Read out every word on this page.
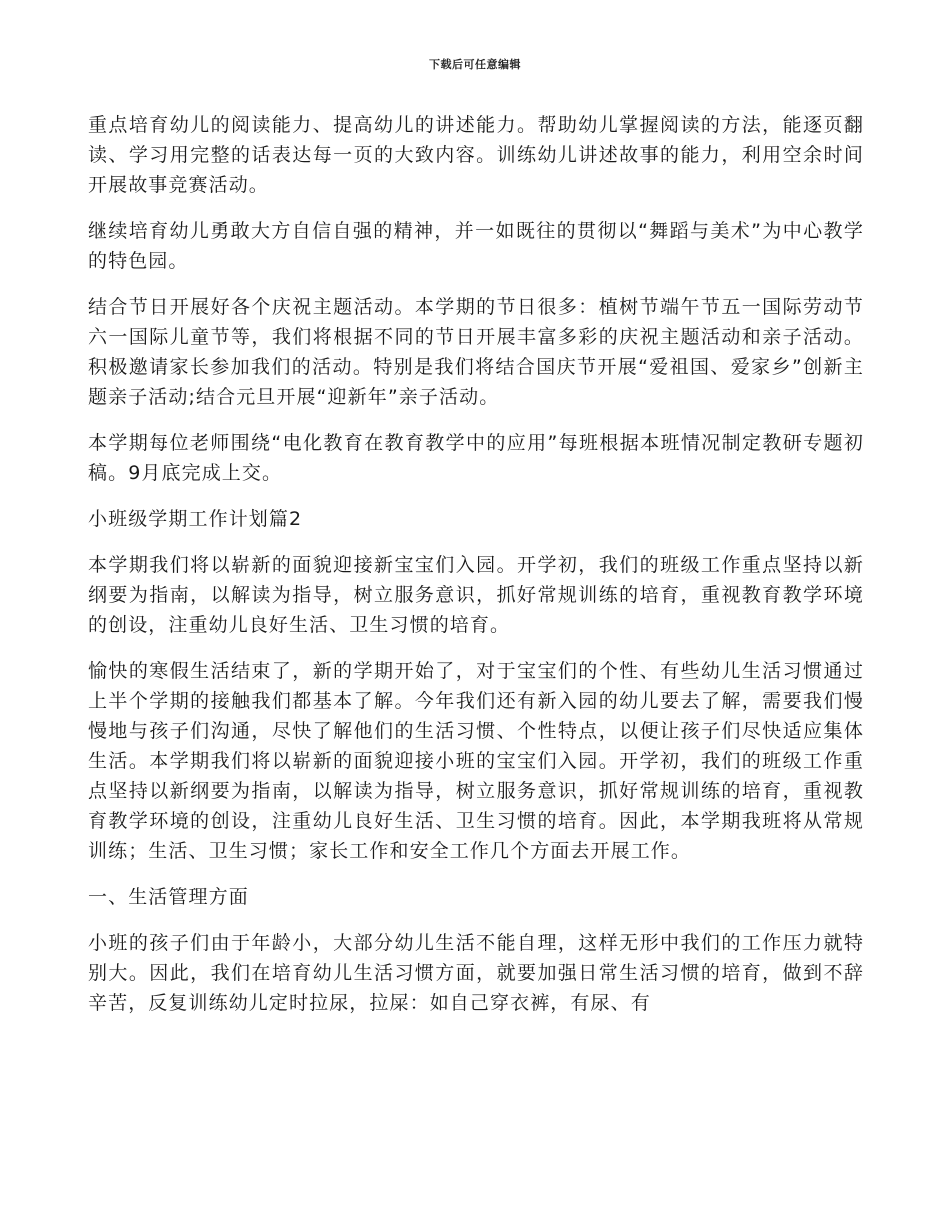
下载后可任意编辑

重点培育幼儿的阅读能力、提高幼儿的讲述能力。帮助幼儿掌握阅读的方法，能逐页翻读、学习用完整的话表达每一页的大致内容。训练幼儿讲述故事的能力，利用空余时间开展故事竞赛活动。

继续培育幼儿勇敢大方自信自强的精神，并一如既往的贯彻以“舞蹈与美术”为中心教学的特色园。

结合节日开展好各个庆祝主题活动。本学期的节日很多：植树节端午节五一国际劳动节六一国际儿童节等，我们将根据不同的节日开展丰富多彩的庆祝主题活动和亲子活动。积极邀请家长参加我们的活动。特别是我们将结合国庆节开展“爱祖国、爱家乡”创新主题亲子活动;结合元旦开展“迎新年”亲子活动。

本学期每位老师围绕“电化教育在教育教学中的应用”每班根据本班情况制定教研专题初稿。9月底完成上交。

小班级学期工作计划篇2

本学期我们将以崭新的面貌迎接新宝宝们入园。开学初，我们的班级工作重点坚持以新纲要为指南，以解读为指导，树立服务意识，抓好常规训练的培育，重视教育教学环境的创设，注重幼儿良好生活、卫生习惯的培育。

愉快的寒假生活结束了，新的学期开始了，对于宝宝们的个性、有些幼儿生活习惯通过上半个学期的接触我们都基本了解。今年我们还有新入园的幼儿要去了解，需要我们慢慢地与孩子们沟通，尽快了解他们的生活习惯、个性特点，以便让孩子们尽快适应集体生活。本学期我们将以崭新的面貌迎接小班的宝宝们入园。开学初，我们的班级工作重点坚持以新纲要为指南，以解读为指导，树立服务意识，抓好常规训练的培育，重视教育教学环境的创设，注重幼儿良好生活、卫生习惯的培育。因此，本学期我班将从常规训练；生活、卫生习惯；家长工作和安全工作几个方面去开展工作。

一、生活管理方面

小班的孩子们由于年龄小，大部分幼儿生活不能自理，这样无形中我们的工作压力就特别大。因此，我们在培育幼儿生活习惯方面，就要加强日常生活习惯的培育，做到不辞辛苦，反复训练幼儿定时拉尿，拉屎：如自己穿衣裤，有尿、有
